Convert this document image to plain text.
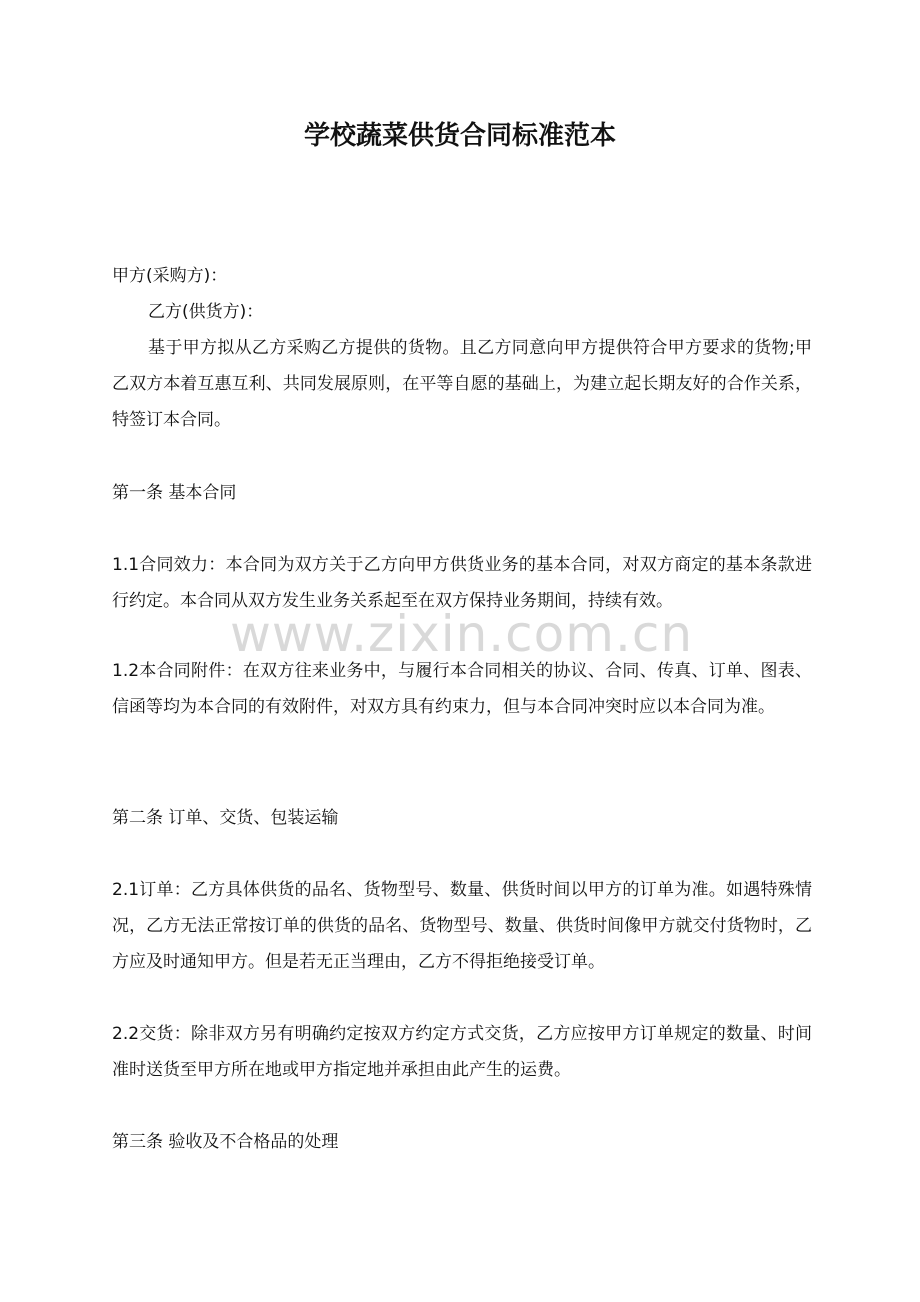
学校蔬菜供货合同标准范本
甲方(采购方)：
乙方(供货方)：
基于甲方拟从乙方采购乙方提供的货物。且乙方同意向甲方提供符合甲方要求的货物;甲乙双方本着互惠互利、共同发展原则，在平等自愿的基础上，为建立起长期友好的合作关系，特签订本合同。
第一条 基本合同
1.1合同效力：本合同为双方关于乙方向甲方供货业务的基本合同，对双方商定的基本条款进行约定。本合同从双方发生业务关系起至在双方保持业务期间，持续有效。
www.zixin.com.cn
1.2本合同附件：在双方往来业务中，与履行本合同相关的协议、合同、传真、订单、图表、信函等均为本合同的有效附件，对双方具有约束力，但与本合同冲突时应以本合同为准。
第二条 订单、交货、包装运输
2.1订单：乙方具体供货的品名、货物型号、数量、供货时间以甲方的订单为准。如遇特殊情况，乙方无法正常按订单的供货的品名、货物型号、数量、供货时间像甲方就交付货物时，乙方应及时通知甲方。但是若无正当理由，乙方不得拒绝接受订单。
2.2交货：除非双方另有明确约定按双方约定方式交货，乙方应按甲方订单规定的数量、时间准时送货至甲方所在地或甲方指定地并承担由此产生的运费。
第三条 验收及不合格品的处理
